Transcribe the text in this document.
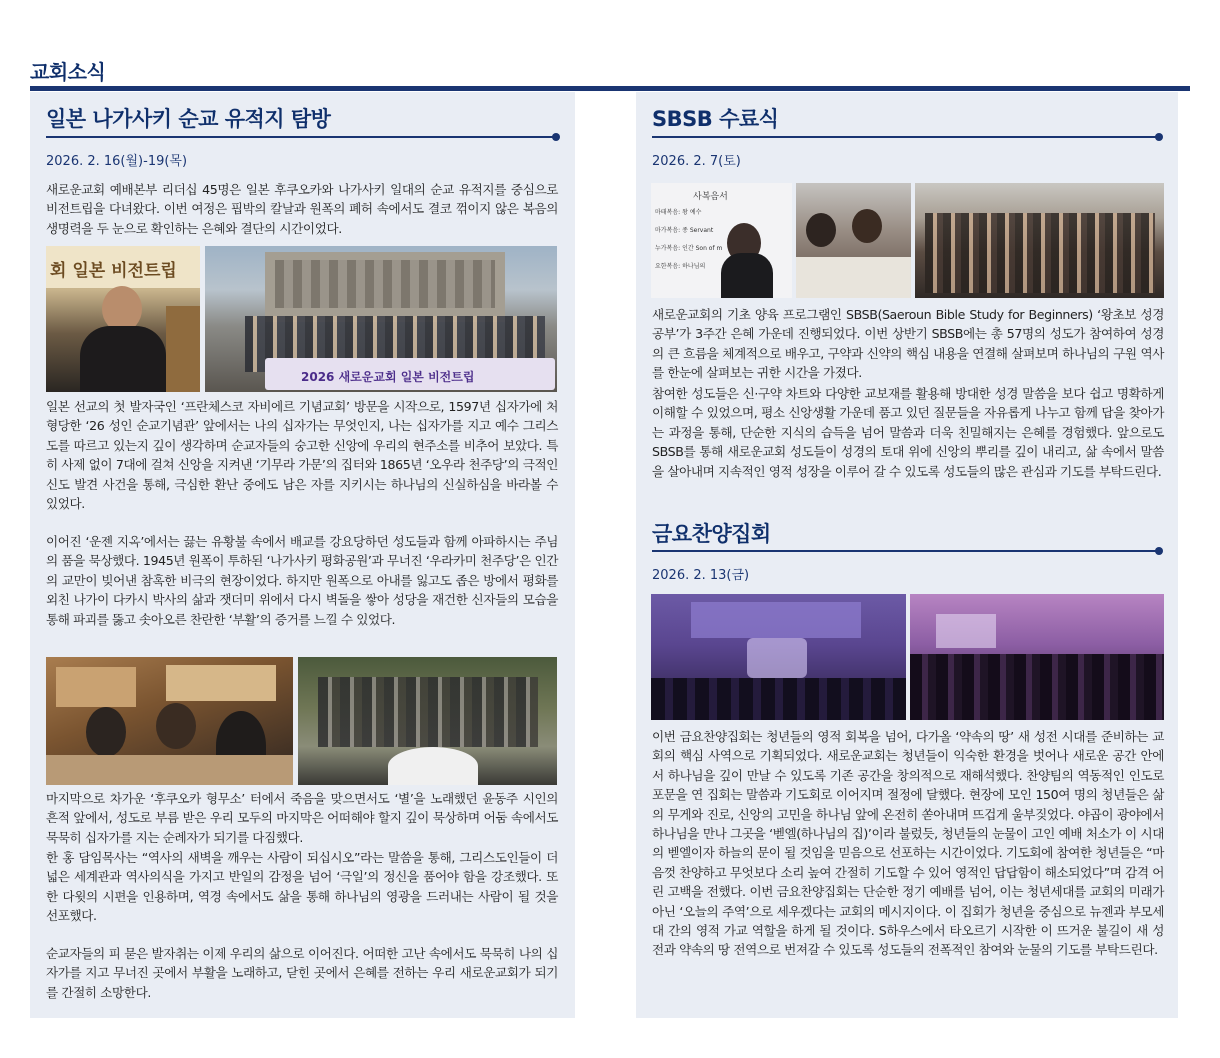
교회소식
일본 나가사키 순교 유적지 탐방
2026. 2. 16(월)-19(목)
새로운교회 예배본부 리더십 45명은 일본 후쿠오카와 나가사키 일대의 순교 유적지를 중심으로 비전트립을 다녀왔다. 이번 여정은 핍박의 칼날과 원폭의 폐허 속에서도 결코 꺾이지 않은 복음의 생명력을 두 눈으로 확인하는 은혜와 결단의 시간이었다.
회 일본 비전트립
2026 새로운교회 일본 비전트립
일본 선교의 첫 발자국인 ‘프란체스코 자비에르 기념교회’ 방문을 시작으로, 1597년 십자가에 처형당한 ‘26 성인 순교기념관’ 앞에서는 나의 십자가는 무엇인지, 나는 십자가를 지고 예수 그리스도를 따르고 있는지 깊이 생각하며 순교자들의 숭고한 신앙에 우리의 현주소를 비추어 보았다. 특히 사제 없이 7대에 걸쳐 신앙을 지켜낸 ‘기무라 가문’의 집터와 1865년 ‘오우라 천주당’의 극적인 신도 발견 사건을 통해, 극심한 환난 중에도 남은 자를 지키시는 하나님의 신실하심을 바라볼 수 있었다.
이어진 ‘운젠 지옥’에서는 끓는 유황불 속에서 배교를 강요당하던 성도들과 함께 아파하시는 주님의 품을 묵상했다. 1945년 원폭이 투하된 ‘나가사키 평화공원’과 무너진 ‘우라카미 천주당’은 인간의 교만이 빚어낸 참혹한 비극의 현장이었다. 하지만 원폭으로 아내를 잃고도 좁은 방에서 평화를 외친 나가이 다카시 박사의 삶과 잿더미 위에서 다시 벽돌을 쌓아 성당을 재건한 신자들의 모습을 통해 파괴를 뚫고 솟아오른 찬란한 ‘부활’의 증거를 느낄 수 있었다.
마지막으로 차가운 ‘후쿠오카 형무소’ 터에서 죽음을 맞으면서도 ‘별’을 노래했던 윤동주 시인의 흔적 앞에서, 성도로 부름 받은 우리 모두의 마지막은 어떠해야 할지 깊이 묵상하며 어둠 속에서도 묵묵히 십자가를 지는 순례자가 되기를 다짐했다.
한 홍 담임목사는 “역사의 새벽을 깨우는 사람이 되십시오”라는 말씀을 통해, 그리스도인들이 더 넓은 세계관과 역사의식을 가지고 반일의 감정을 넘어 ‘극일’의 정신을 품어야 함을 강조했다. 또한 다윗의 시편을 인용하며, 역경 속에서도 삶을 통해 하나님의 영광을 드러내는 사람이 될 것을 선포했다.
순교자들의 피 묻은 발자취는 이제 우리의 삶으로 이어진다. 어떠한 고난 속에서도 묵묵히 나의 십자가를 지고 무너진 곳에서 부활을 노래하고, 닫힌 곳에서 은혜를 전하는 우리 새로운교회가 되기를 간절히 소망한다.
SBSB 수료식
2026. 2. 7(토)
사복음서
마태복음: 왕 예수
마가복음: 종 Servant
누가복음: 인간 Son of m
요한복음: 하나님의
새로운교회의 기초 양육 프로그램인 SBSB(Saeroun Bible Study for Beginners) ‘왕초보 성경공부’가 3주간 은혜 가운데 진행되었다. 이번 상반기 SBSB에는 총 57명의 성도가 참여하여 성경의 큰 흐름을 체계적으로 배우고, 구약과 신약의 핵심 내용을 연결해 살펴보며 하나님의 구원 역사를 한눈에 살펴보는 귀한 시간을 가졌다.
참여한 성도들은 신·구약 차트와 다양한 교보재를 활용해 방대한 성경 말씀을 보다 쉽고 명확하게 이해할 수 있었으며, 평소 신앙생활 가운데 품고 있던 질문들을 자유롭게 나누고 함께 답을 찾아가는 과정을 통해, 단순한 지식의 습득을 넘어 말씀과 더욱 친밀해지는 은혜를 경험했다. 앞으로도 SBSB를 통해 새로운교회 성도들이 성경의 토대 위에 신앙의 뿌리를 깊이 내리고, 삶 속에서 말씀을 살아내며 지속적인 영적 성장을 이루어 갈 수 있도록 성도들의 많은 관심과 기도를 부탁드린다.
금요찬양집회
2026. 2. 13(금)
이번 금요찬양집회는 청년들의 영적 회복을 넘어, 다가올 ‘약속의 땅’ 새 성전 시대를 준비하는 교회의 핵심 사역으로 기획되었다. 새로운교회는 청년들이 익숙한 환경을 벗어나 새로운 공간 안에서 하나님을 깊이 만날 수 있도록 기존 공간을 창의적으로 재해석했다. 찬양팀의 역동적인 인도로 포문을 연 집회는 말씀과 기도회로 이어지며 절정에 달했다. 현장에 모인 150여 명의 청년들은 삶의 무게와 진로, 신앙의 고민을 하나님 앞에 온전히 쏟아내며 뜨겁게 울부짖었다. 야곱이 광야에서 하나님을 만나 그곳을 ‘벧엘(하나님의 집)’이라 불렀듯, 청년들의 눈물이 고인 예배 처소가 이 시대의 벧엘이자 하늘의 문이 될 것임을 믿음으로 선포하는 시간이었다. 기도회에 참여한 청년들은 “마음껏 찬양하고 무엇보다 소리 높여 간절히 기도할 수 있어 영적인 답답함이 해소되었다”며 감격 어린 고백을 전했다. 이번 금요찬양집회는 단순한 정기 예배를 넘어, 이는 청년세대를 교회의 미래가 아닌 ‘오늘의 주역’으로 세우겠다는 교회의 메시지이다. 이 집회가 청년을 중심으로 뉴젠과 부모세대 간의 영적 가교 역할을 하게 될 것이다. S하우스에서 타오르기 시작한 이 뜨거운 불길이 새 성전과 약속의 땅 전역으로 번져갈 수 있도록 성도들의 전폭적인 참여와 눈물의 기도를 부탁드린다.
